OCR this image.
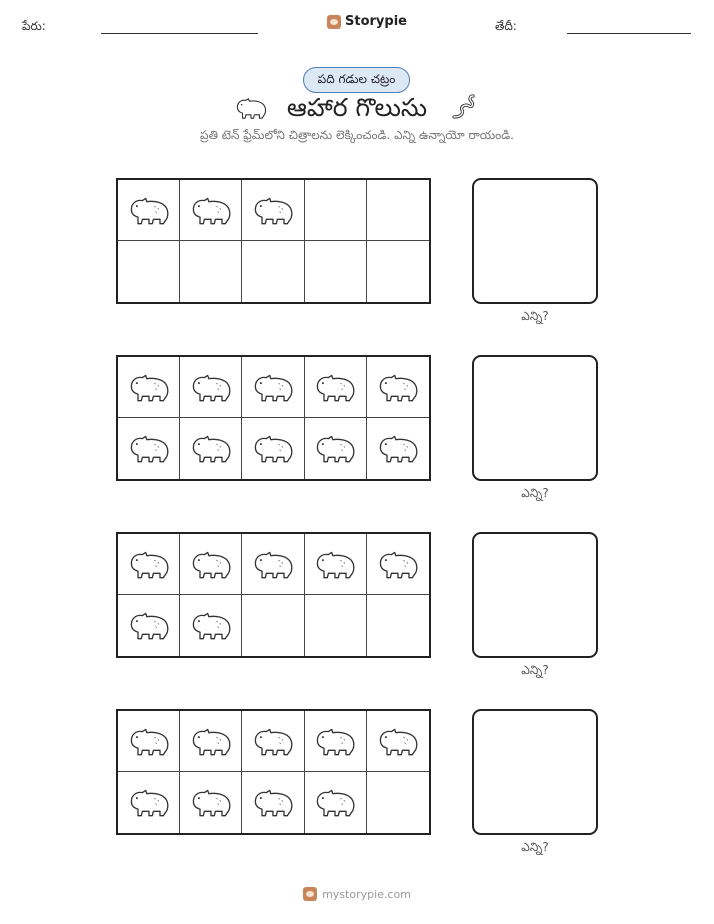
పేరు:	Storypie	తేదీ:
పది గడుల చట్రం
ఆహార గొలుసు
ప్రతి టెన్ ఫ్రేమ్‌లోని చిత్రాలను లెక్కించండి. ఎన్ని ఉన్నాయో రాయండి.
ఎన్ని?
ఎన్ని?
ఎన్ని?
ఎన్ని?
mystorypie.com
